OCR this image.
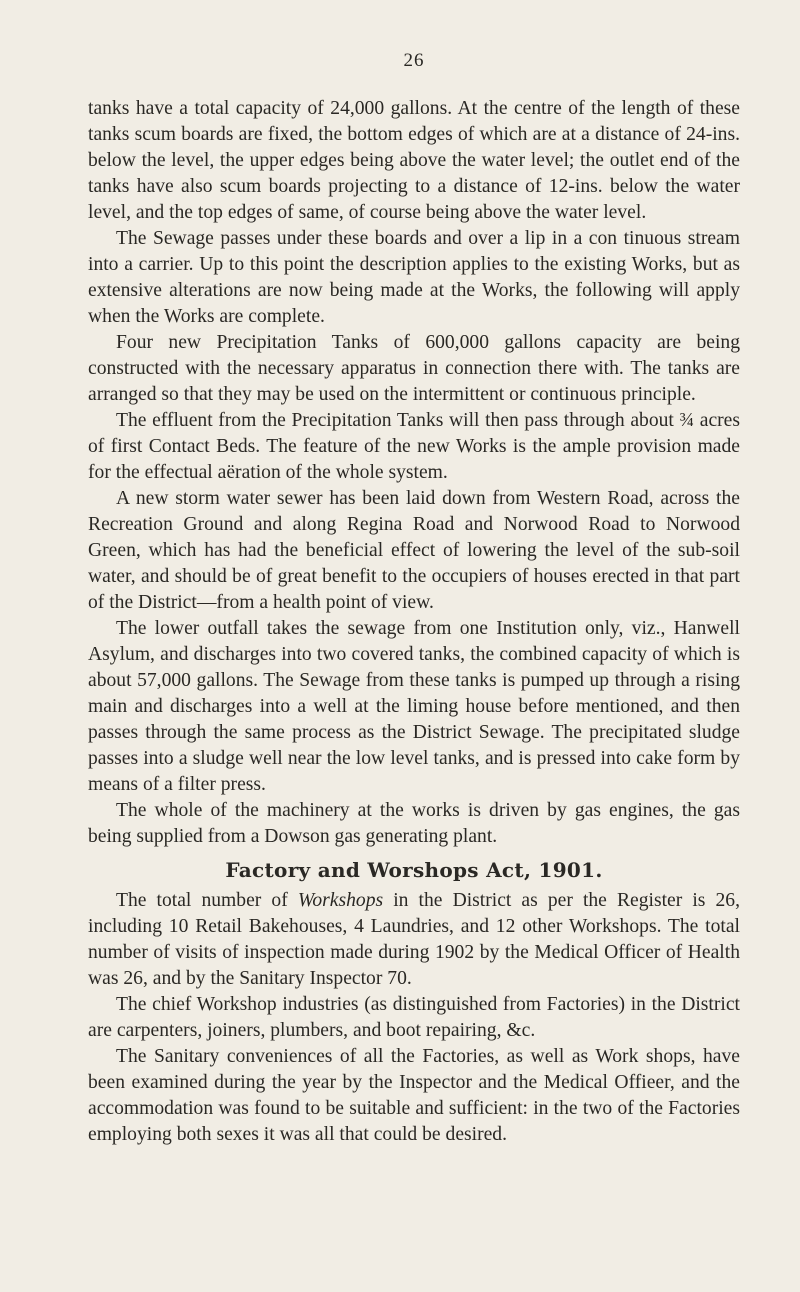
26

tanks have a total capacity of 24,000 gallons. At the centre of the length of these tanks scum boards are fixed, the bottom edges of which are at a distance of 24-ins. below the level, the upper edges being above the water level; the outlet end of the tanks have also scum boards projecting to a distance of 12-ins. below the water level, and the top edges of same, of course being above the water level.

The Sewage passes under these boards and over a lip in a con tinuous stream into a carrier. Up to this point the description applies to the existing Works, but as extensive alterations are now being made at the Works, the following will apply when the Works are complete.

Four new Precipitation Tanks of 600,000 gallons capacity are being constructed with the necessary apparatus in connection there with. The tanks are arranged so that they may be used on the intermittent or continuous principle.

The effluent from the Precipitation Tanks will then pass through about ¾ acres of first Contact Beds. The feature of the new Works is the ample provision made for the effectual aëration of the whole system.

A new storm water sewer has been laid down from Western Road, across the Recreation Ground and along Regina Road and Norwood Road to Norwood Green, which has had the beneficial effect of lowering the level of the sub-soil water, and should be of great benefit to the occupiers of houses erected in that part of the District—from a health point of view.

The lower outfall takes the sewage from one Institution only, viz., Hanwell Asylum, and discharges into two covered tanks, the combined capacity of which is about 57,000 gallons. The Sewage from these tanks is pumped up through a rising main and discharges into a well at the liming house before mentioned, and then passes through the same process as the District Sewage. The precipitated sludge passes into a sludge well near the low level tanks, and is pressed into cake form by means of a filter press.

The whole of the machinery at the works is driven by gas engines, the gas being supplied from a Dowson gas generating plant.

Factory and Worshops Act, 1901.

The total number of Workshops in the District as per the Register is 26, including 10 Retail Bakehouses, 4 Laundries, and 12 other Workshops. The total number of visits of inspection made during 1902 by the Medical Officer of Health was 26, and by the Sanitary Inspector 70.

The chief Workshop industries (as distinguished from Factories) in the District are carpenters, joiners, plumbers, and boot repairing, &c.

The Sanitary conveniences of all the Factories, as well as Work shops, have been examined during the year by the Inspector and the Medical Offieer, and the accommodation was found to be suitable and sufficient: in the two of the Factories employing both sexes it was all that could be desired.
